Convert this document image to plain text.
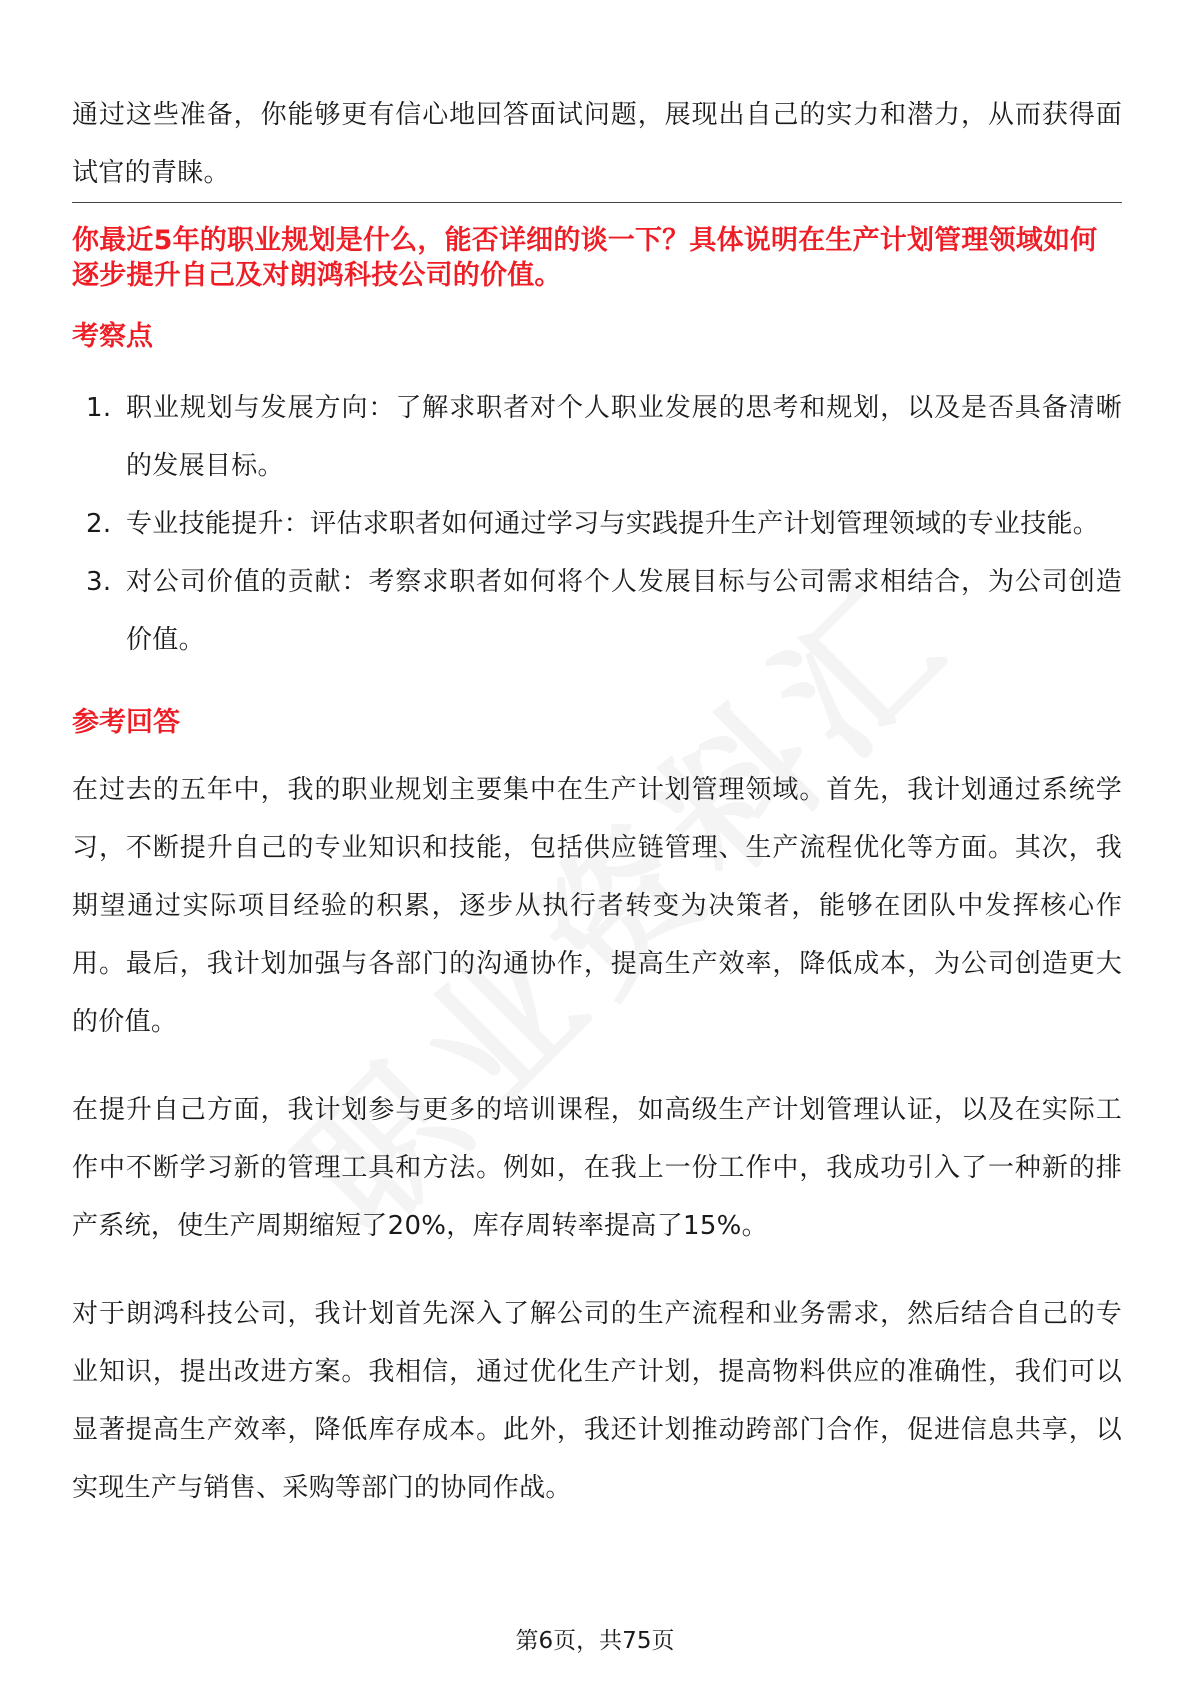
通过这些准备，你能够更有信心地回答面试问题，展现出自己的实力和潜力，从而获得面试官的青睐。

你最近5年的职业规划是什么，能否详细的谈一下？具体说明在生产计划管理领域如何逐步提升自己及对朗鸿科技公司的价值。

考察点
1. 职业规划与发展方向：了解求职者对个人职业发展的思考和规划，以及是否具备清晰的发展目标。
2. 专业技能提升：评估求职者如何通过学习与实践提升生产计划管理领域的专业技能。
3. 对公司价值的贡献：考察求职者如何将个人发展目标与公司需求相结合，为公司创造价值。
参考回答

在过去的五年中，我的职业规划主要集中在生产计划管理领域。首先，我计划通过系统学习，不断提升自己的专业知识和技能，包括供应链管理、生产流程优化等方面。其次，我期望通过实际项目经验的积累，逐步从执行者转变为决策者，能够在团队中发挥核心作用。最后，我计划加强与各部门的沟通协作，提高生产效率，降低成本，为公司创造更大的价值。

在提升自己方面，我计划参与更多的培训课程，如高级生产计划管理认证，以及在实际工作中不断学习新的管理工具和方法。例如，在我上一份工作中，我成功引入了一种新的排产系统，使生产周期缩短了20%，库存周转率提高了15%。

对于朗鸿科技公司，我计划首先深入了解公司的生产流程和业务需求，然后结合自己的专业知识，提出改进方案。我相信，通过优化生产计划，提高物料供应的准确性，我们可以显著提高生产效率，降低库存成本。此外，我还计划推动跨部门合作，促进信息共享，以实现生产与销售、采购等部门的协同作战。

第6页，共75页
